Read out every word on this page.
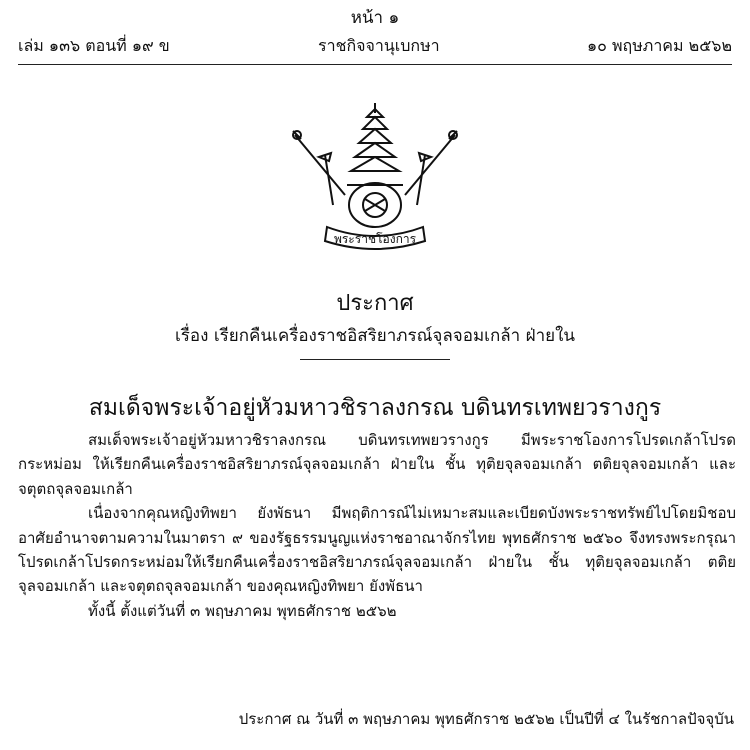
หน้า ๑
เล่ม ๑๓๖ ตอนที่ ๑๙ ข	ราชกิจจานุเบกษา	๑๐ พฤษภาคม ๒๕๖๒
พระราชโองการ
ประกาศ
เรื่อง เรียกคืนเครื่องราชอิสริยาภรณ์จุลจอมเกล้า ฝ่ายใน
สมเด็จพระเจ้าอยู่หัวมหาวชิราลงกรณ บดินทรเทพยวรางกูร

สมเด็จพระเจ้าอยู่หัวมหาวชิราลงกรณ บดินทรเทพยวรางกูร มีพระราชโองการโปรดเกล้าโปรดกระหม่อม ให้เรียกคืนเครื่องราชอิสริยาภรณ์จุลจอมเกล้า ฝ่ายใน ชั้น ทุติยจุลจอมเกล้า ตติยจุลจอมเกล้า และจตุตถจุลจอมเกล้า

เนื่องจากคุณหญิงทิพยา ยังพัธนา มีพฤติการณ์ไม่เหมาะสมและเบียดบังพระราชทรัพย์ไปโดยมิชอบ อาศัยอำนาจตามความในมาตรา ๙ ของรัฐธรรมนูญแห่งราชอาณาจักรไทย พุทธศักราช ๒๕๖๐ จึงทรงพระกรุณาโปรดเกล้าโปรดกระหม่อมให้เรียกคืนเครื่องราชอิสริยาภรณ์จุลจอมเกล้า ฝ่ายใน ชั้น ทุติยจุลจอมเกล้า ตติยจุลจอมเกล้า และจตุตถจุลจอมเกล้า ของคุณหญิงทิพยา ยังพัธนา

ทั้งนี้ ตั้งแต่วันที่ ๓ พฤษภาคม พุทธศักราช ๒๕๖๒

ประกาศ ณ วันที่ ๓ พฤษภาคม พุทธศักราช ๒๕๖๒ เป็นปีที่ ๔ ในรัชกาลปัจจุบัน
